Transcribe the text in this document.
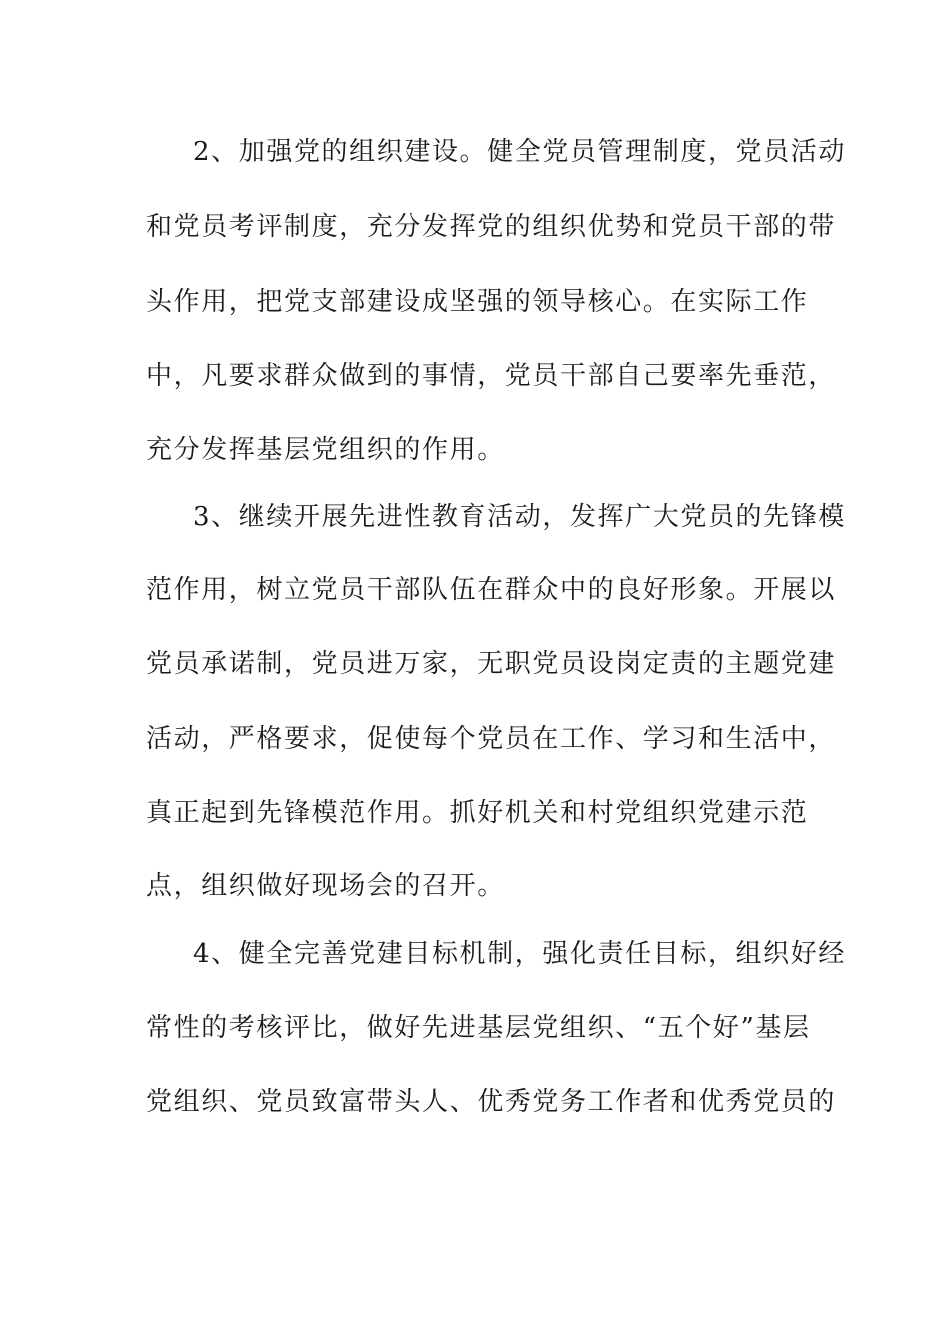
2、加强党的组织建设。健全党员管理制度，党员活动
和党员考评制度，充分发挥党的组织优势和党员干部的带
头作用，把党支部建设成坚强的领导核心。在实际工作
中，凡要求群众做到的事情，党员干部自己要率先垂范，
充分发挥基层党组织的作用。
3、继续开展先进性教育活动，发挥广大党员的先锋模
范作用，树立党员干部队伍在群众中的良好形象。开展以
党员承诺制，党员进万家，无职党员设岗定责的主题党建
活动，严格要求，促使每个党员在工作、学习和生活中，
真正起到先锋模范作用。抓好机关和村党组织党建示范
点，组织做好现场会的召开。
4、健全完善党建目标机制，强化责任目标，组织好经
常性的考核评比，做好先进基层党组织、“五个好”基层
党组织、党员致富带头人、优秀党务工作者和优秀党员的
